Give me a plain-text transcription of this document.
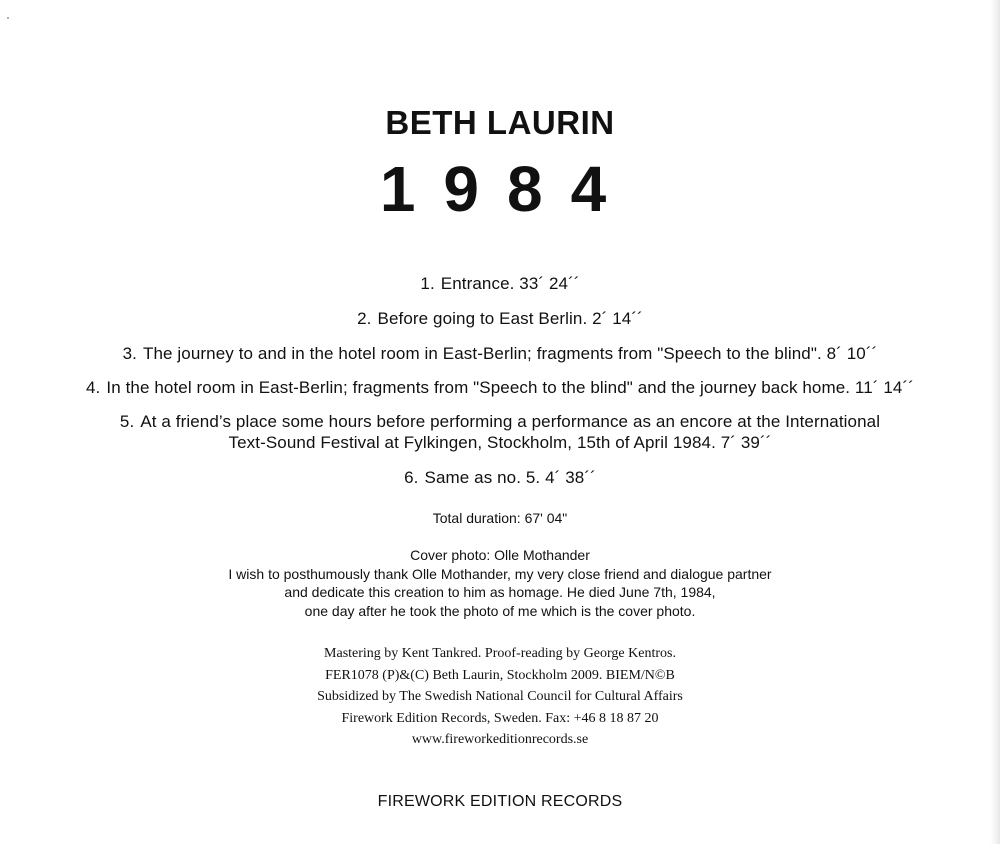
BETH LAURIN
1984
1. Entrance. 33´ 24´´
2. Before going to East Berlin. 2´ 14´´
3. The journey to and in the hotel room in East-Berlin; fragments from "Speech to the blind". 8´ 10´´
4. In the hotel room in East-Berlin; fragments from "Speech to the blind" and the journey back home. 11´ 14´´
5. At a friend’s place some hours before performing a performance as an encore at the International
Text-Sound Festival at Fylkingen, Stockholm, 15th of April 1984. 7´ 39´´
6. Same as no. 5. 4´ 38´´
Total duration: 67' 04"
Cover photo: Olle Mothander
I wish to posthumously thank Olle Mothander, my very close friend and dialogue partner
and dedicate this creation to him as homage. He died June 7th, 1984,
one day after he took the photo of me which is the cover photo.
Mastering by Kent Tankred. Proof-reading by George Kentros.
FER1078 (P)&(C) Beth Laurin, Stockholm 2009. BIEM/N©B
Subsidized by The Swedish National Council for Cultural Affairs
Firework Edition Records, Sweden. Fax: +46 8 18 87 20
www.fireworkeditionrecords.se
FIREWORK EDITION RECORDS
